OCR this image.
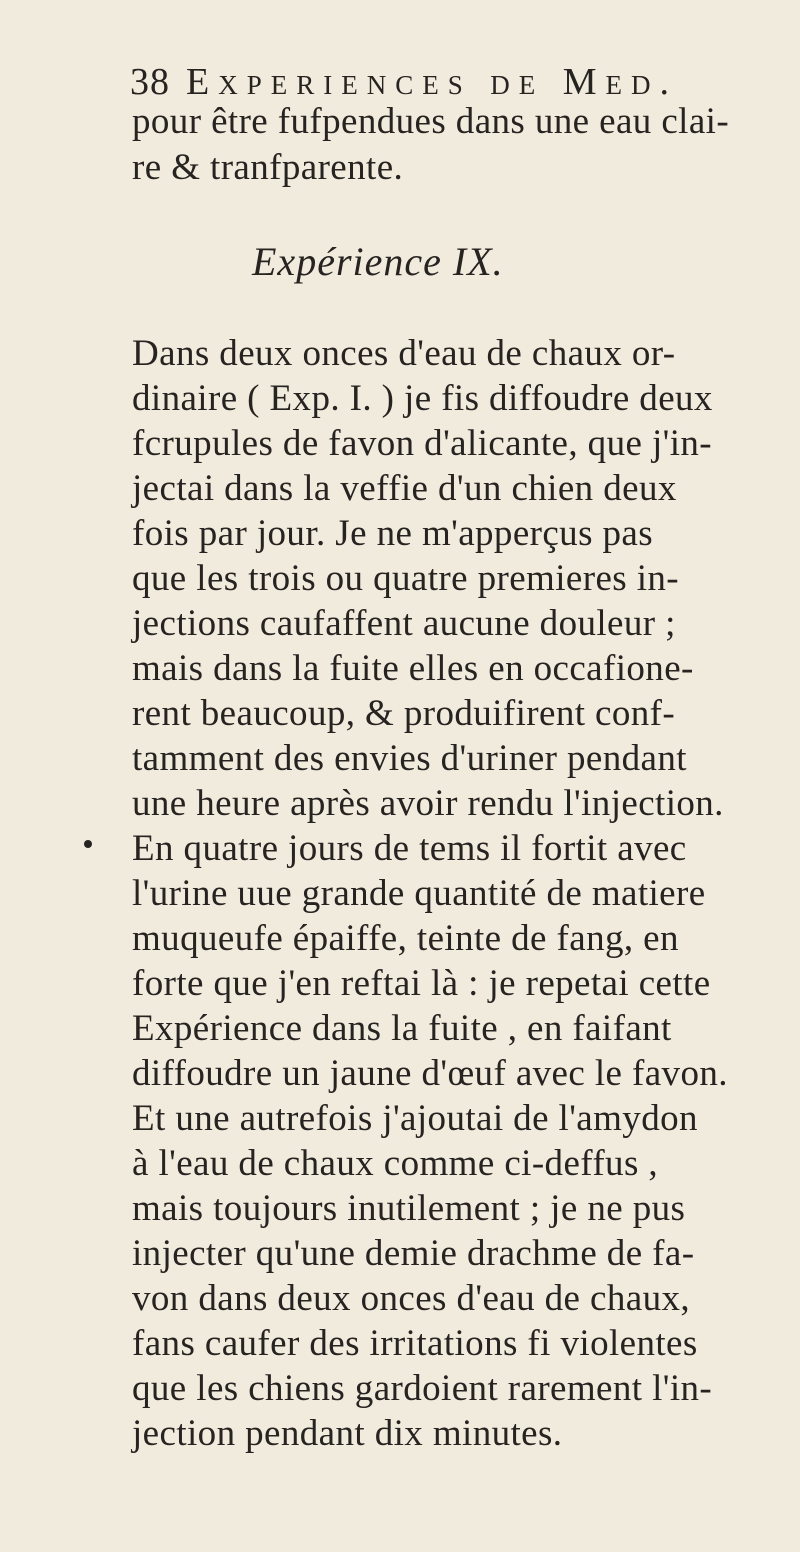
38 Experiences de Med.
pour être fufpendues dans une eau clai-
re & tranfparente.
Expérience IX.
Dans deux onces d'eau de chaux or-
dinaire ( Exp. I. ) je fis diffoudre deux
fcrupules de favon d'alicante, que j'in-
jectai dans la veffie d'un chien deux
fois par jour. Je ne m'apperçus pas
que les trois ou quatre premieres in-
jections caufaffent aucune douleur ;
mais dans la fuite elles en occafione-
rent beaucoup, & produifirent conf-
tamment des envies d'uriner pendant
une heure après avoir rendu l'injection.
En quatre jours de tems il fortit avec
l'urine uue grande quantité de matiere
muqueufe épaiffe, teinte de fang, en
forte que j'en reftai là : je repetai cette
Expérience dans la fuite , en faifant
diffoudre un jaune d'œuf avec le favon.
Et une autrefois j'ajoutai de l'amydon
à l'eau de chaux comme ci-deffus ,
mais toujours inutilement ; je ne pus
injecter qu'une demie drachme de fa-
von dans deux onces d'eau de chaux,
fans caufer des irritations fi violentes
que les chiens gardoient rarement l'in-
jection pendant dix minutes.
